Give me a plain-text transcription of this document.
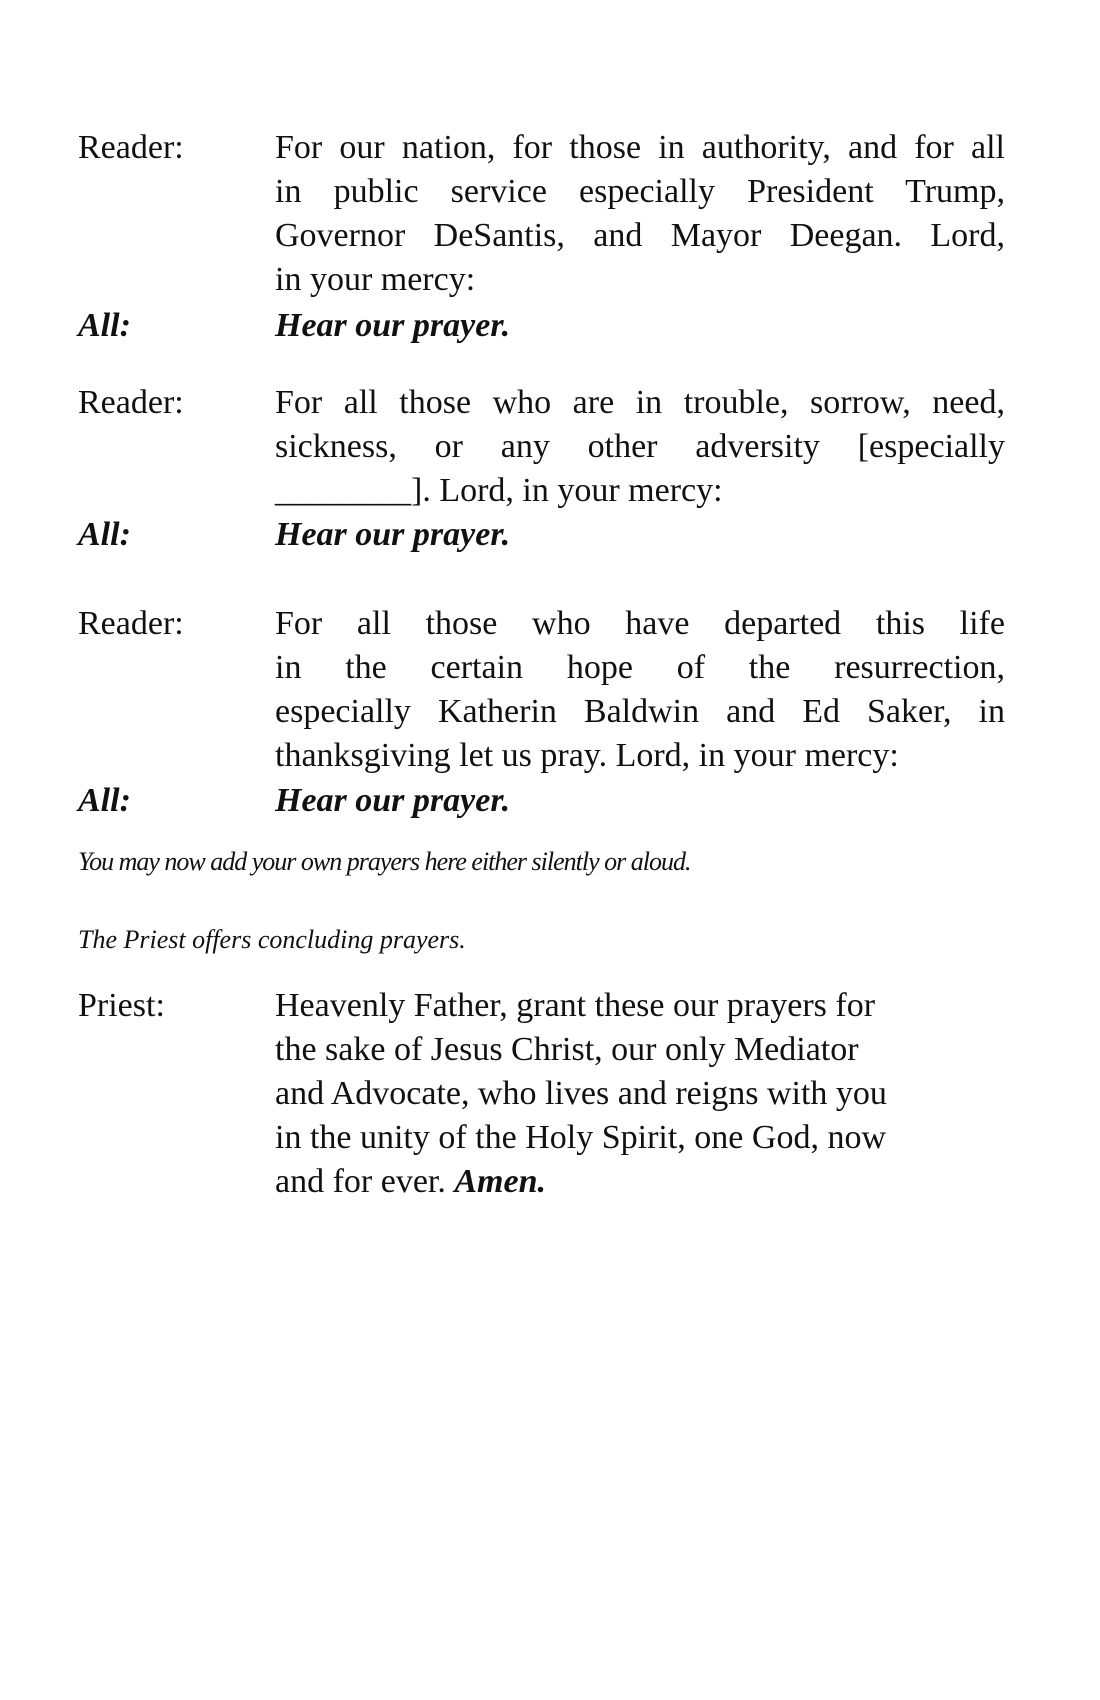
Reader:	For our nation, for those in authority, and for all
in public service especially President Trump,
Governor DeSantis, and Mayor Deegan. Lord,
in your mercy:
All:	Hear our prayer.
Reader:	For all those who are in trouble, sorrow, need,
sickness, or any other adversity [especially
________]. Lord, in your mercy:
All:	Hear our prayer.
Reader:	For all those who have departed this life
in the certain hope of the resurrection,
especially Katherin Baldwin and Ed Saker, in
thanksgiving let us pray. Lord, in your mercy:
All:	Hear our prayer.
You may now add your own prayers here either silently or aloud.
The Priest offers concluding prayers.
Priest:	Heavenly Father, grant these our prayers for
the sake of Jesus Christ, our only Mediator
and Advocate, who lives and reigns with you
in the unity of the Holy Spirit, one God, now
and for ever. Amen.
